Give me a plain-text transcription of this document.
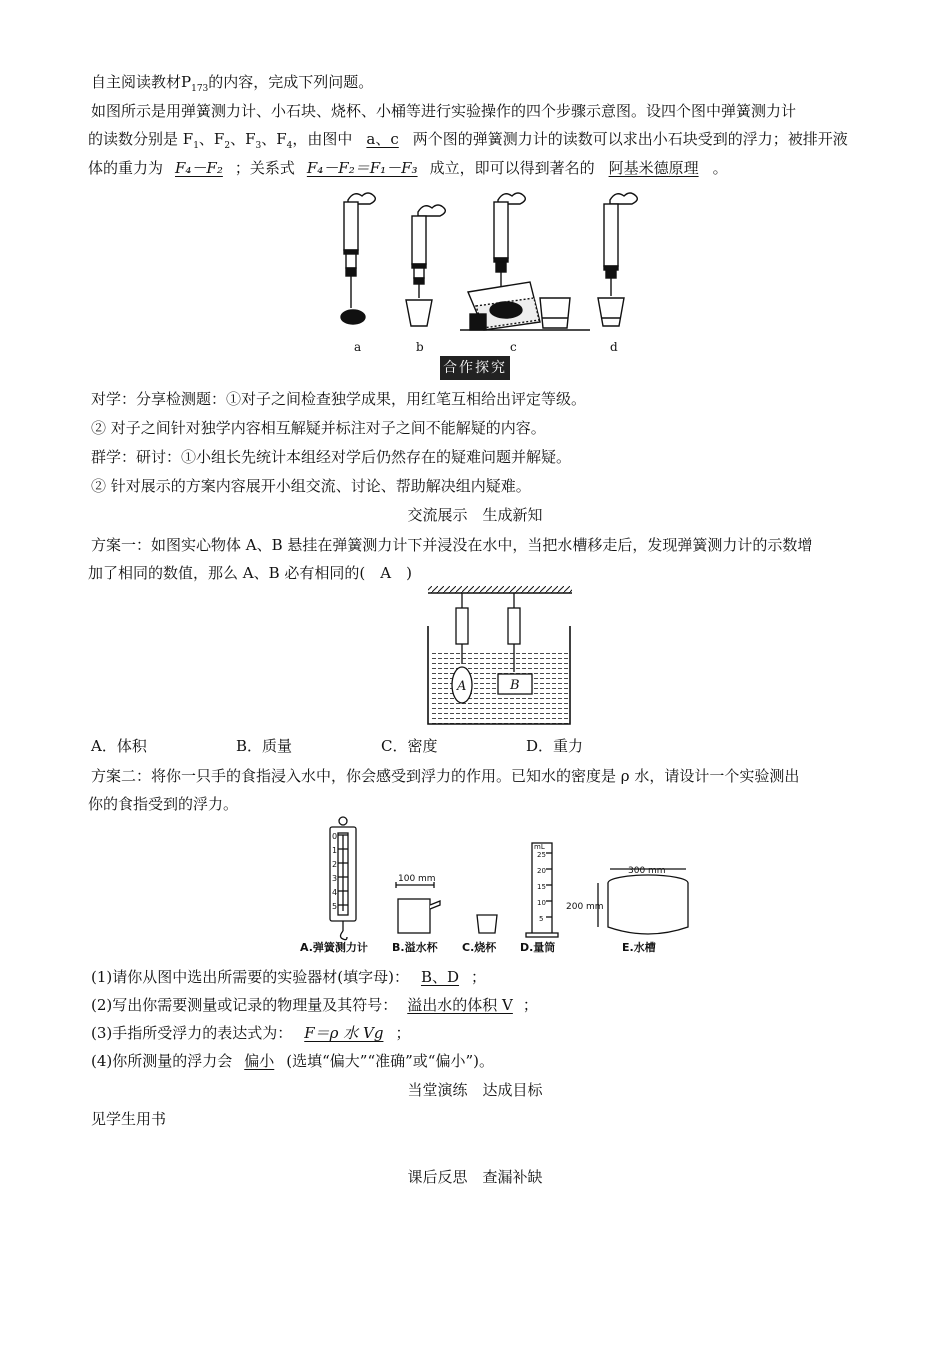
自主阅读教材$P_{173}$的内容，完成下列问题。
如图所示是用弹簧测力计、小石块、烧杯、小桶等进行实验操作的四个步骤示意图。设四个图中弹簧测力计
的读数分别是 $F_1$、$F_2$、$F_3$、$F_4$，由图中 a、c 两个图的弹簧测力计的读数可以求出小石块受到的浮力；被排开液
体的重力为 F₄－F₂ ；关系式 F₄－F₂＝F₁－F₃ 成立，即可以得到著名的 阿基米德原理 。
a	b	c	d
合作探究
对学：分享检测题：①对子之间检查独学成果，用红笔互相给出评定等级。
② 对子之间针对独学内容相互解疑并标注对子之间不能解疑的内容。
群学：研讨：①小组长先统计本组经对学后仍然存在的疑难问题并解疑。
② 针对展示的方案内容展开小组交流、讨论、帮助解决组内疑难。
交流展示　生成新知
方案一：如图实心物体 A、B 悬挂在弹簧测力计下并浸没在水中，当把水槽移走后，发现弹簧测力计的示数增
加了相同的数值，那么 A、B 必有相同的(　A　)
A	B
A．体积	B．质量	C．密度	D．重力
方案二：将你一只手的食指浸入水中，你会感受到浮力的作用。已知水的密度是 ρ 水，请设计一个实验测出
你的食指受到的浮力。
0
1
2
3
4
5
100 mm
mL
25
20
15
10
5
300 mm
200 mm
A.弹簧测力计 B.溢水杯 C.烧杯 D.量筒	E.水槽
(1)请你从图中选出所需要的实验器材(填字母)： B、D ；
(2)写出你需要测量或记录的物理量及其符号： 溢出水的体积 V ；
(3)手指所受浮力的表达式为： F＝ρ 水 Vg ；
(4)你所测量的浮力会 偏小 (选填“偏大”“准确”或“偏小”)。
当堂演练　达成目标
见学生用书
课后反思　查漏补缺
